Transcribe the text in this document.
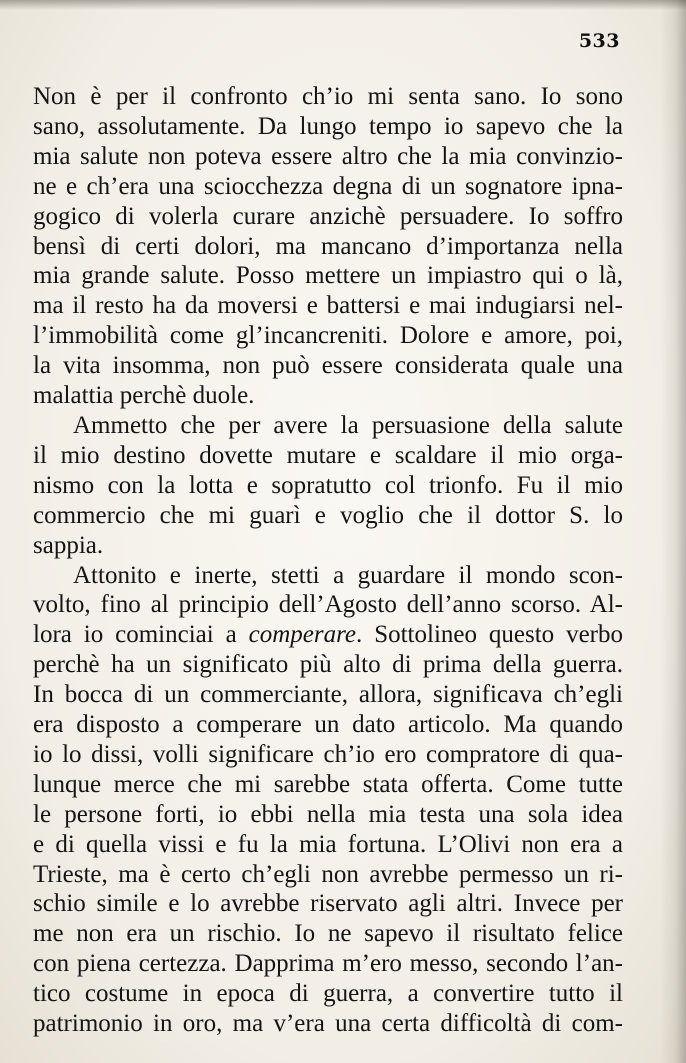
533
Non è per il confronto ch’io mi senta sano. Io sono
sano, assolutamente. Da lungo tempo io sapevo che la
mia salute non poteva essere altro che la mia convinzio-
ne e ch’era una sciocchezza degna di un sognatore ipna-
gogico di volerla curare anzichè persuadere. Io soffro
bensì di certi dolori, ma mancano d’importanza nella
mia grande salute. Posso mettere un impiastro qui o là,
ma il resto ha da moversi e battersi e mai indugiarsi nel-
l’immobilità come gl’incancreniti. Dolore e amore, poi,
la vita insomma, non può essere considerata quale una
malattia perchè duole.
Ammetto che per avere la persuasione della salute
il mio destino dovette mutare e scaldare il mio orga-
nismo con la lotta e sopratutto col trionfo. Fu il mio
commercio che mi guarì e voglio che il dottor S. lo
sappia.
Attonito e inerte, stetti a guardare il mondo scon-
volto, fino al principio dell’Agosto dell’anno scorso. Al-
lora io cominciai a comperare. Sottolineo questo verbo
perchè ha un significato più alto di prima della guerra.
In bocca di un commerciante, allora, significava ch’egli
era disposto a comperare un dato articolo. Ma quando
io lo dissi, volli significare ch’io ero compratore di qua-
lunque merce che mi sarebbe stata offerta. Come tutte
le persone forti, io ebbi nella mia testa una sola idea
e di quella vissi e fu la mia fortuna. L’Olivi non era a
Trieste, ma è certo ch’egli non avrebbe permesso un ri-
schio simile e lo avrebbe riservato agli altri. Invece per
me non era un rischio. Io ne sapevo il risultato felice
con piena certezza. Dapprima m’ero messo, secondo l’an-
tico costume in epoca di guerra, a convertire tutto il
patrimonio in oro, ma v’era una certa difficoltà di com-
